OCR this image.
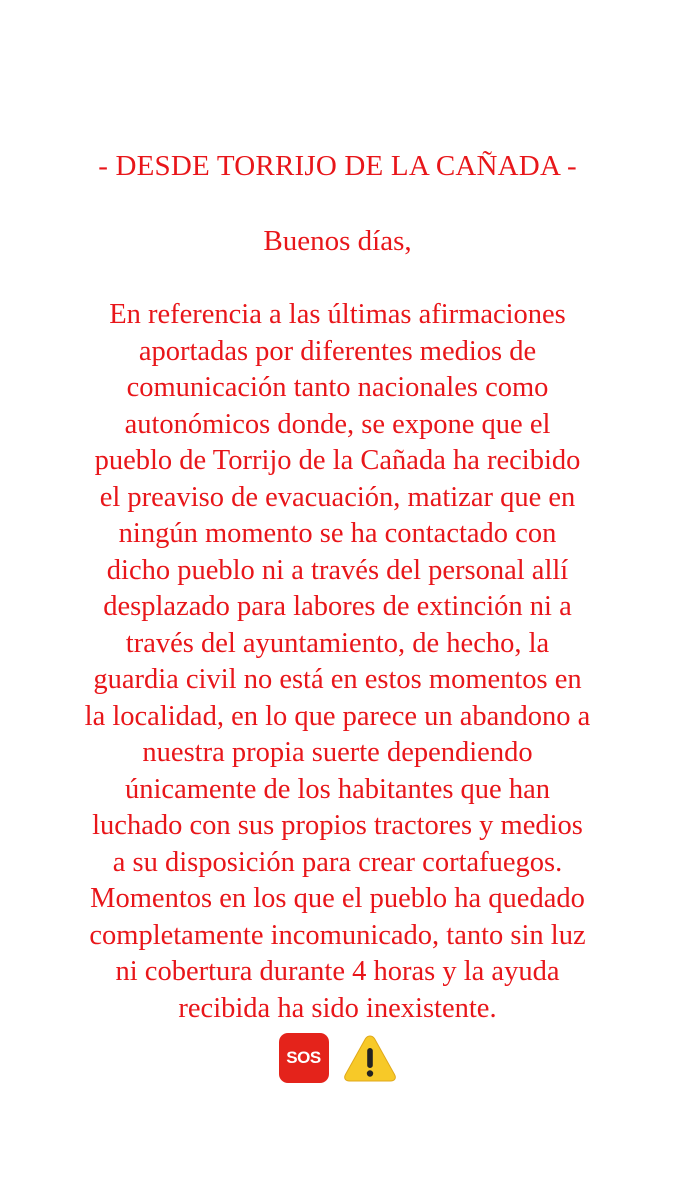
- DESDE TORRIJO DE LA CAÑADA -
Buenos días,
En referencia a las últimas afirmaciones
aportadas por diferentes medios de
comunicación tanto nacionales como
autonómicos donde, se expone que el
pueblo de Torrijo de la Cañada ha recibido
el preaviso de evacuación, matizar que en
ningún momento se ha contactado con
dicho pueblo ni a través del personal allí
desplazado para labores de extinción ni a
través del ayuntamiento, de hecho, la
guardia civil no está en estos momentos en
la localidad, en lo que parece un abandono a
nuestra propia suerte dependiendo
únicamente de los habitantes que han
luchado con sus propios tractores y medios
a su disposición para crear cortafuegos.
Momentos en los que el pueblo ha quedado
completamente incomunicado, tanto sin luz
ni cobertura durante 4 horas y la ayuda
recibida ha sido inexistente.
SOS
